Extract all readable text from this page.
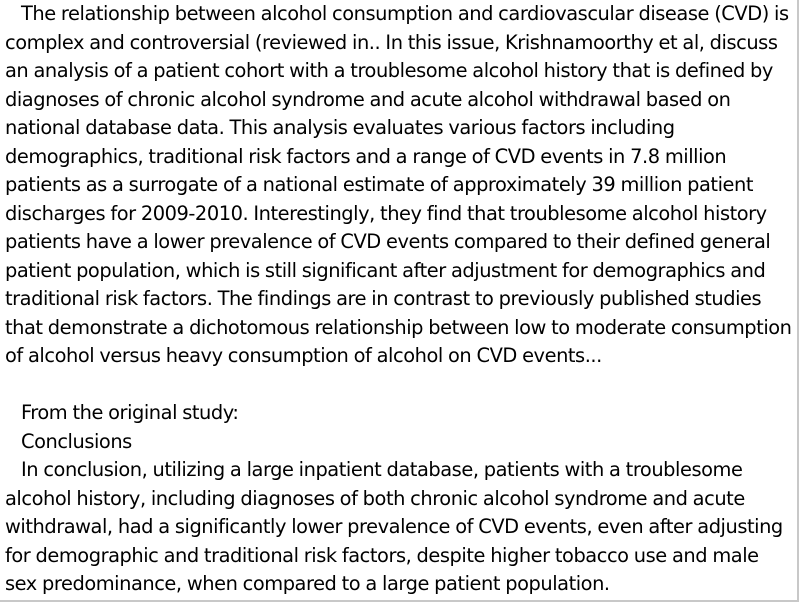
The relationship between alcohol consumption and cardiovascular disease (CVD) is complex and controversial (reviewed in.. In this issue, Krishnamoorthy et al, discuss an analysis of a patient cohort with a troublesome alcohol history that is defined by diagnoses of chronic alcohol syndrome and acute alcohol withdrawal based on national database data. This analysis evaluates various factors including demographics, traditional risk factors and a range of CVD events in 7.8 million patients as a surrogate of a national estimate of approximately 39 million patient discharges for 2009-2010. Interestingly, they find that troublesome alcohol history patients have a lower prevalence of CVD events compared to their defined general patient population, which is still significant after adjustment for demographics and traditional risk factors. The findings are in contrast to previously published studies that demonstrate a dichotomous relationship between low to moderate consumption of alcohol versus heavy consumption of alcohol on CVD events...

From the original study:

Conclusions

In conclusion, utilizing a large inpatient database, patients with a troublesome alcohol history, including diagnoses of both chronic alcohol syndrome and acute withdrawal, had a significantly lower prevalence of CVD events, even after adjusting for demographic and traditional risk factors, despite higher tobacco use and male sex predominance, when compared to a large patient population.
